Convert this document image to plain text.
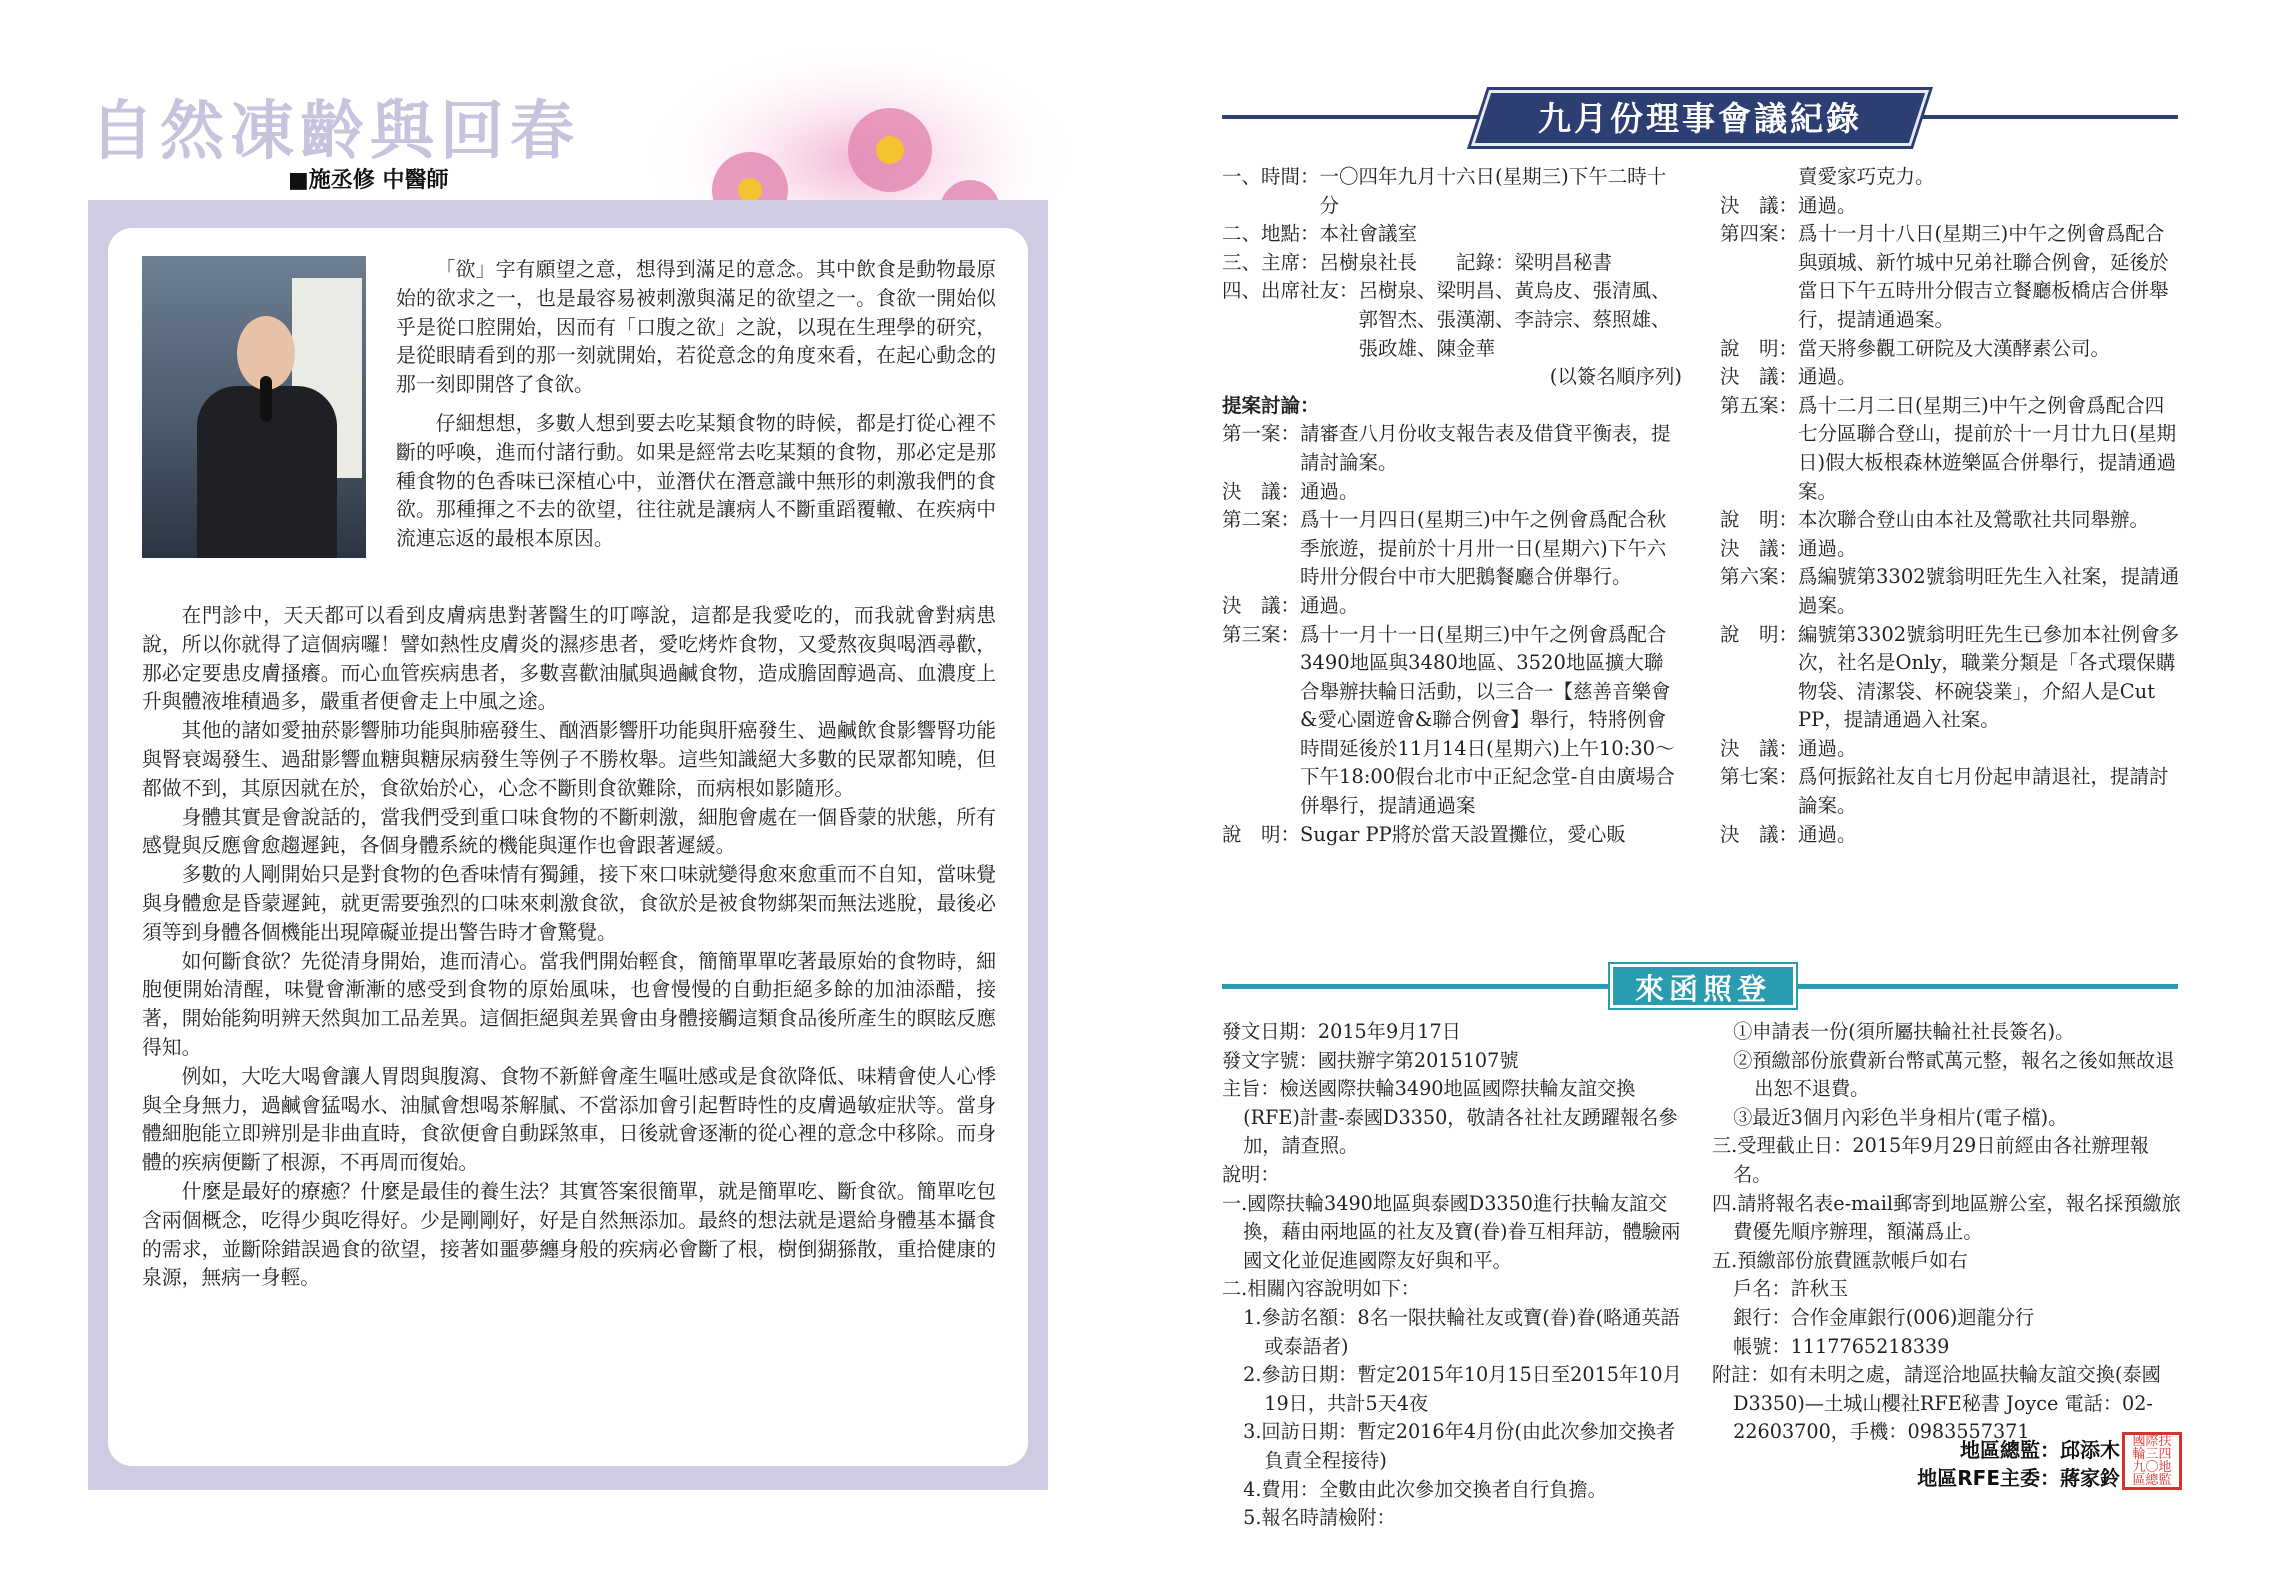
自然凍齡與回春
■施丞修 中醫師
「欲」字有願望之意，想得到滿足的意念。其中飲食是動物最原始的欲求之一，也是最容易被刺激與滿足的欲望之一。食欲一開始似乎是從口腔開始，因而有「口腹之欲」之說，以現在生理學的研究，是從眼睛看到的那一刻就開始，若從意念的角度來看，在起心動念的那一刻即開啓了食欲。
仔細想想，多數人想到要去吃某類食物的時候，都是打從心裡不斷的呼喚，進而付諸行動。如果是經常去吃某類的食物，那必定是那種食物的色香味已深植心中，並潛伏在潛意識中無形的刺激我們的食欲。那種揮之不去的欲望，往往就是讓病人不斷重蹈覆轍、在疾病中流連忘返的最根本原因。

在門診中，天天都可以看到皮膚病患對著醫生的叮嚀說，這都是我愛吃的，而我就會對病患說，所以你就得了這個病囉！譬如熱性皮膚炎的濕疹患者，愛吃烤炸食物，又愛熬夜與喝酒尋歡，那必定要患皮膚搔癢。而心血管疾病患者，多數喜歡油膩與過鹹食物，造成膽固醇過高、血濃度上升與體液堆積過多，嚴重者便會走上中風之途。

其他的諸如愛抽菸影響肺功能與肺癌發生、酗酒影響肝功能與肝癌發生、過鹹飲食影響腎功能與腎衰竭發生、過甜影響血糖與糖尿病發生等例子不勝枚舉。這些知識絕大多數的民眾都知曉，但都做不到，其原因就在於，食欲始於心，心念不斷則食欲難除，而病根如影隨形。

身體其實是會說話的，當我們受到重口味食物的不斷刺激，細胞會處在一個昏蒙的狀態，所有感覺與反應會愈趨遲鈍，各個身體系統的機能與運作也會跟著遲緩。

多數的人剛開始只是對食物的色香味情有獨鍾，接下來口味就變得愈來愈重而不自知，當味覺與身體愈是昏蒙遲鈍，就更需要強烈的口味來刺激食欲，食欲於是被食物綁架而無法逃脫，最後必須等到身體各個機能出現障礙並提出警告時才會驚覺。

如何斷食欲？先從清身開始，進而清心。當我們開始輕食，簡簡單單吃著最原始的食物時，細胞便開始清醒，味覺會漸漸的感受到食物的原始風味，也會慢慢的自動拒絕多餘的加油添醋，接著，開始能夠明辨天然與加工品差異。這個拒絕與差異會由身體接觸這類食品後所產生的瞑眩反應得知。

例如，大吃大喝會讓人胃悶與腹瀉、食物不新鮮會產生嘔吐感或是食欲降低、味精會使人心悸與全身無力，過鹹會猛喝水、油膩會想喝茶解膩、不當添加會引起暫時性的皮膚過敏症狀等。當身體細胞能立即辨別是非曲直時，食欲便會自動踩煞車，日後就會逐漸的從心裡的意念中移除。而身體的疾病便斷了根源，不再周而復始。

什麼是最好的療癒？什麼是最佳的養生法？其實答案很簡單，就是簡單吃、斷食欲。簡單吃包含兩個概念，吃得少與吃得好。少是剛剛好，好是自然無添加。最終的想法就是還給身體基本攝食的需求，並斷除錯誤過食的欲望，接著如噩夢纏身般的疾病必會斷了根，樹倒猢猻散，重拾健康的泉源，無病一身輕。

九月份理事會議紀錄
一、時間： 一〇四年九月十六日(星期三)下午二時十分
二、地點： 本社會議室
三、主席： 呂樹泉社長　　記錄：梁明昌秘書
四、出席社友： 呂樹泉、梁明昌、黃烏皮、張清風、郭智杰、張漢潮、李詩宗、蔡照雄、張政雄、陳金華
(以簽名順序列)
提案討論：
第一案： 請審查八月份收支報告表及借貸平衡表，提請討論案。
決　議： 通過。
第二案： 爲十一月四日(星期三)中午之例會爲配合秋季旅遊，提前於十月卅一日(星期六)下午六時卅分假台中市大肥鵝餐廳合併舉行。
決　議： 通過。
第三案： 爲十一月十一日(星期三)中午之例會爲配合3490地區與3480地區、3520地區擴大聯合舉辦扶輪日活動，以三合一【慈善音樂會&愛心園遊會&聯合例會】舉行，特將例會時間延後於11月14日(星期六)上午10:30～下午18:00假台北市中正紀念堂-自由廣場合併舉行，提請通過案
說　明： Sugar PP將於當天設置攤位，愛心販
　　　　賣愛家巧克力。
決　議： 通過。
第四案： 爲十一月十八日(星期三)中午之例會爲配合與頭城、新竹城中兄弟社聯合例會，延後於當日下午五時卅分假吉立餐廳板橋店合併舉行，提請通過案。
說　明： 當天將參觀工研院及大漢酵素公司。
決　議： 通過。
第五案： 爲十二月二日(星期三)中午之例會爲配合四七分區聯合登山，提前於十一月廿九日(星期日)假大板根森林遊樂區合併舉行，提請通過案。
說　明： 本次聯合登山由本社及鶯歌社共同舉辦。
決　議： 通過。
第六案： 爲編號第3302號翁明旺先生入社案，提請通過案。
說　明： 編號第3302號翁明旺先生已參加本社例會多次，社名是Only，職業分類是「各式環保購物袋、清潔袋、杯碗袋業」，介紹人是Cut PP，提請通過入社案。
決　議： 通過。
第七案： 爲何振銘社友自七月份起申請退社，提請討論案。
決　議： 通過。
來函照登
發文日期：2015年9月17日
發文字號：國扶辦字第2015107號
主旨：檢送國際扶輪3490地區國際扶輪友誼交換(RFE)計畫-泰國D3350，敬請各社社友踴躍報名參加，請查照。
說明：
一.國際扶輪3490地區與泰國D3350進行扶輪友誼交換，藉由兩地區的社友及寶(眷)眷互相拜訪，體驗兩國文化並促進國際友好與和平。
二.相關內容說明如下：
1.參訪名額：8名一限扶輪社友或寶(眷)眷(略通英語或泰語者)
2.參訪日期：暫定2015年10月15日至2015年10月19日，共計5天4夜
3.回訪日期：暫定2016年4月份(由此次參加交換者負責全程接待)
4.費用：全數由此次參加交換者自行負擔。
5.報名時請檢附：
①申請表一份(須所屬扶輪社社長簽名)。
②預繳部份旅費新台幣貳萬元整，報名之後如無故退出恕不退費。
③最近3個月內彩色半身相片(電子檔)。
三.受理截止日：2015年9月29日前經由各社辦理報名。
四.請將報名表e-mail郵寄到地區辦公室，報名採預繳旅費優先順序辦理，額滿爲止。
五.預繳部份旅費匯款帳戶如右
戶名：許秋玉
銀行：合作金庫銀行(006)迴龍分行
帳號：1117765218339
附註：如有未明之處，請逕洽地區扶輪友誼交換(泰國D3350)—土城山櫻社RFE秘書 Joyce 電話：02-22603700，手機：0983557371
地區總監：邱添木
地區RFE主委：蔣家鈴
國際扶輪三四九〇地區總監
